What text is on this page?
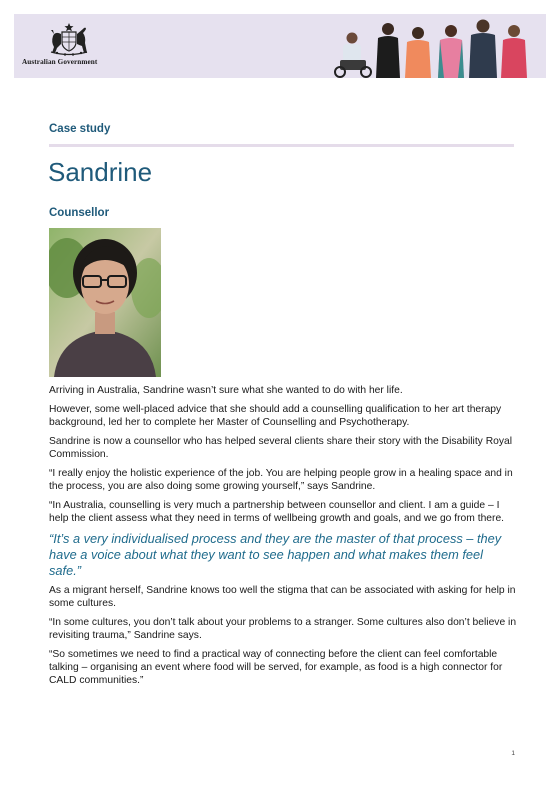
Australian Government
Case study
Sandrine
Counsellor

Arriving in Australia, Sandrine wasn’t sure what she wanted to do with her life.

However, some well-placed advice that she should add a counselling qualification to her art therapy background, led her to complete her Master of Counselling and Psychotherapy.

Sandrine is now a counsellor who has helped several clients share their story with the Disability Royal Commission.

“I really enjoy the holistic experience of the job. You are helping people grow in a healing space and in the process, you are also doing some growing yourself,” says Sandrine.

“In Australia, counselling is very much a partnership between counsellor and client. I am a guide – I help the client assess what they need in terms of wellbeing growth and goals, and we go from there.

“It’s a very individualised process and they are the master of that process – they have a voice about what they want to see happen and what makes them feel safe.”

As a migrant herself, Sandrine knows too well the stigma that can be associated with asking for help in some cultures.

“In some cultures, you don’t talk about your problems to a stranger. Some cultures also don’t believe in revisiting trauma,” Sandrine says.

“So sometimes we need to find a practical way of connecting before the client can feel comfortable talking – organising an event where food will be served, for example, as food is a high connector for CALD communities.”

1
